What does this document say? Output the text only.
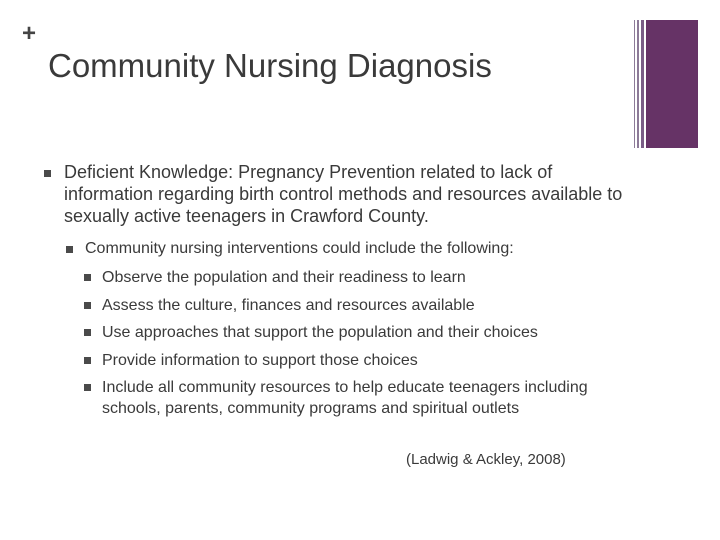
+
Community Nursing Diagnosis
Deficient Knowledge: Pregnancy Prevention related to lack of information regarding birth control methods and resources available to sexually active teenagers in Crawford County.
Community nursing interventions could include the following:
Observe the population and their readiness to learn
Assess the culture, finances and resources available
Use approaches that support the population and their choices
Provide information to support those choices
Include all community resources to help educate teenagers including schools, parents, community programs and spiritual outlets
(Ladwig & Ackley, 2008)
